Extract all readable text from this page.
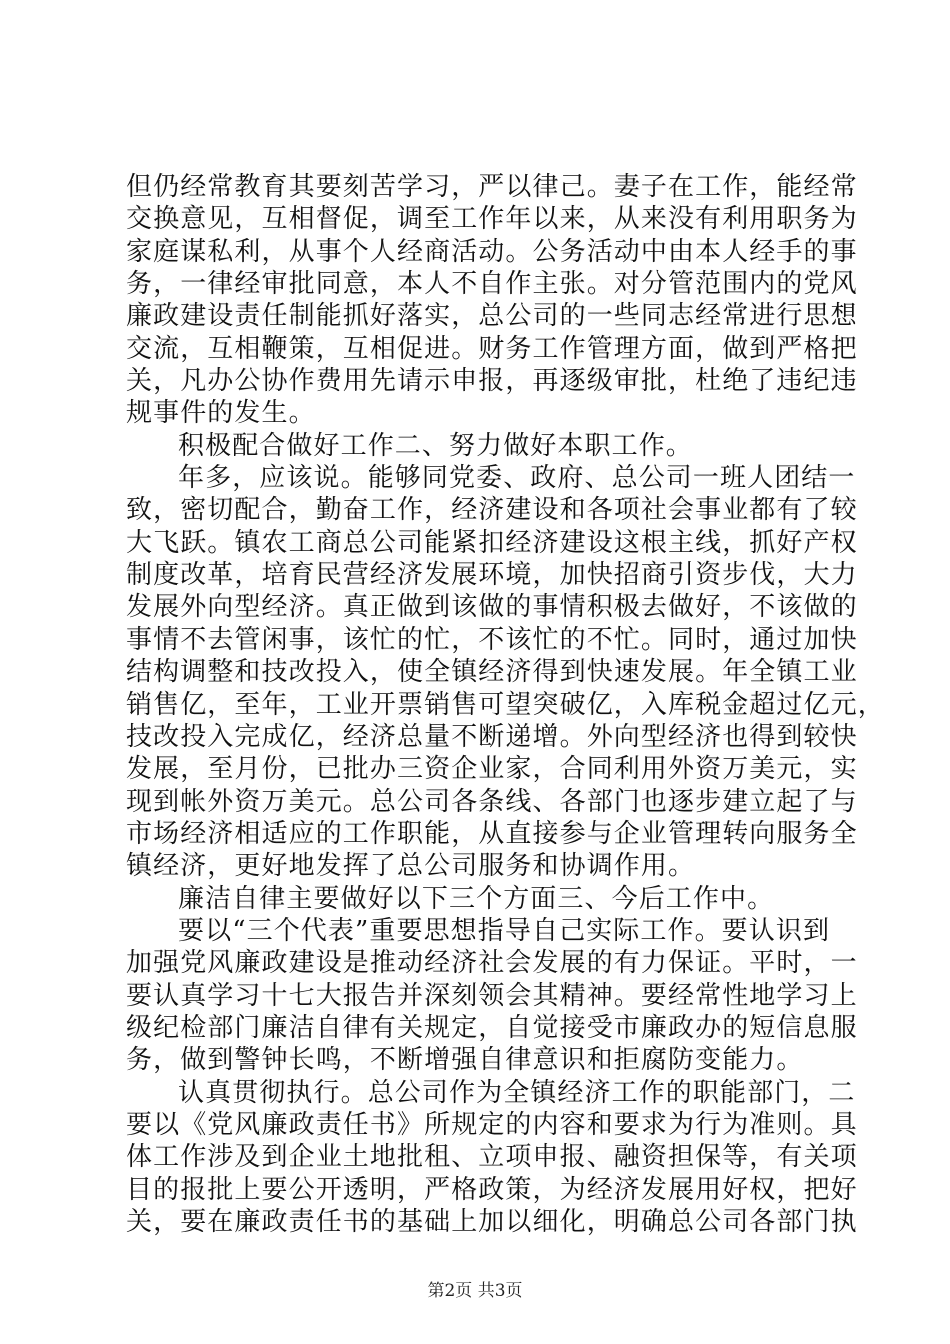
但仍经常教育其要刻苦学习，严以律己。妻子在工作，能经常
交换意见，互相督促，调至工作年以来，从来没有利用职务为
家庭谋私利，从事个人经商活动。公务活动中由本人经手的事
务，一律经审批同意，本人不自作主张。对分管范围内的党风
廉政建设责任制能抓好落实，总公司的一些同志经常进行思想
交流，互相鞭策，互相促进。财务工作管理方面，做到严格把
关，凡办公协作费用先请示申报，再逐级审批，杜绝了违纪违
规事件的发生。
积极配合做好工作二、努力做好本职工作。
年多，应该说。能够同党委、政府、总公司一班人团结一
致，密切配合，勤奋工作，经济建设和各项社会事业都有了较
大飞跃。镇农工商总公司能紧扣经济建设这根主线，抓好产权
制度改革，培育民营经济发展环境，加快招商引资步伐，大力
发展外向型经济。真正做到该做的事情积极去做好，不该做的
事情不去管闲事，该忙的忙，不该忙的不忙。同时，通过加快
结构调整和技改投入，使全镇经济得到快速发展。年全镇工业
销售亿，至年，工业开票销售可望突破亿，入库税金超过亿元，
技改投入完成亿，经济总量不断递增。外向型经济也得到较快
发展，至月份，已批办三资企业家，合同利用外资万美元，实
现到帐外资万美元。总公司各条线、各部门也逐步建立起了与
市场经济相适应的工作职能，从直接参与企业管理转向服务全
镇经济，更好地发挥了总公司服务和协调作用。
廉洁自律主要做好以下三个方面三、今后工作中。
要以“三个代表”重要思想指导自己实际工作。要认识到
加强党风廉政建设是推动经济社会发展的有力保证。平时，一
要认真学习十七大报告并深刻领会其精神。要经常性地学习上
级纪检部门廉洁自律有关规定，自觉接受市廉政办的短信息服
务，做到警钟长鸣，不断增强自律意识和拒腐防变能力。
认真贯彻执行。总公司作为全镇经济工作的职能部门，二
要以《党风廉政责任书》所规定的内容和要求为行为准则。具
体工作涉及到企业土地批租、立项申报、融资担保等，有关项
目的报批上要公开透明，严格政策，为经济发展用好权，把好
关，要在廉政责任书的基础上加以细化，明确总公司各部门执
第2页 共3页
